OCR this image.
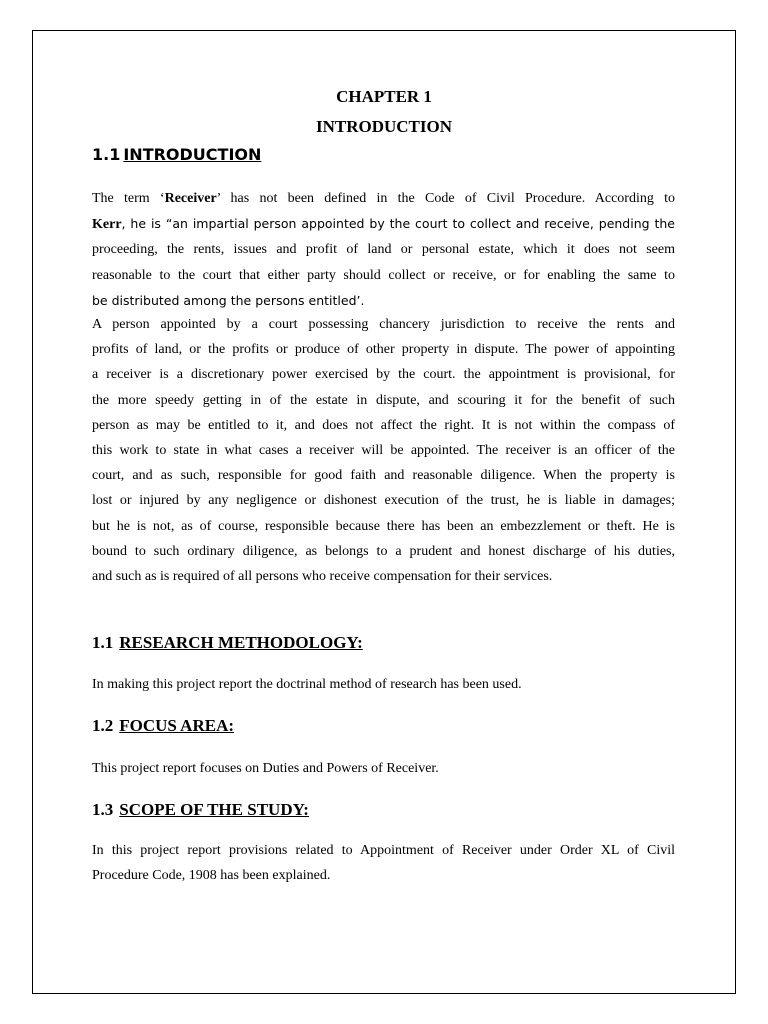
CHAPTER 1
INTRODUCTION
1.1 INTRODUCTION
The term ‘Receiver’ has not been defined in the Code of Civil Procedure. According to
Kerr, he is “an impartial person appointed by the court to collect and receive, pending the
proceeding, the rents, issues and profit of land or personal estate, which it does not seem
reasonable to the court that either party should collect or receive, or for enabling the same to
be distributed among the persons entitled’.
A person appointed by a court possessing chancery jurisdiction to receive the rents and
profits of land, or the profits or produce of other property in dispute. The power of appointing
a receiver is a discretionary power exercised by the court. the appointment is provisional, for
the more speedy getting in of the estate in dispute, and scouring it for the benefit of such
person as may be entitled to it, and does not affect the right. It is not within the compass of
this work to state in what cases a receiver will be appointed. The receiver is an officer of the
court, and as such, responsible for good faith and reasonable diligence. When the property is
lost or injured by any negligence or dishonest execution of the trust, he is liable in damages;
but he is not, as of course, responsible because there has been an embezzlement or theft. He is
bound to such ordinary diligence, as belongs to a prudent and honest discharge of his duties,
and such as is required of all persons who receive compensation for their services.
1.1 RESEARCH METHODOLOGY:

In making this project report the doctrinal method of research has been used.

1.2 FOCUS AREA:

This project report focuses on Duties and Powers of Receiver.

1.3 SCOPE OF THE STUDY:
In this project report provisions related to Appointment of Receiver under Order XL of Civil
Procedure Code, 1908 has been explained.
